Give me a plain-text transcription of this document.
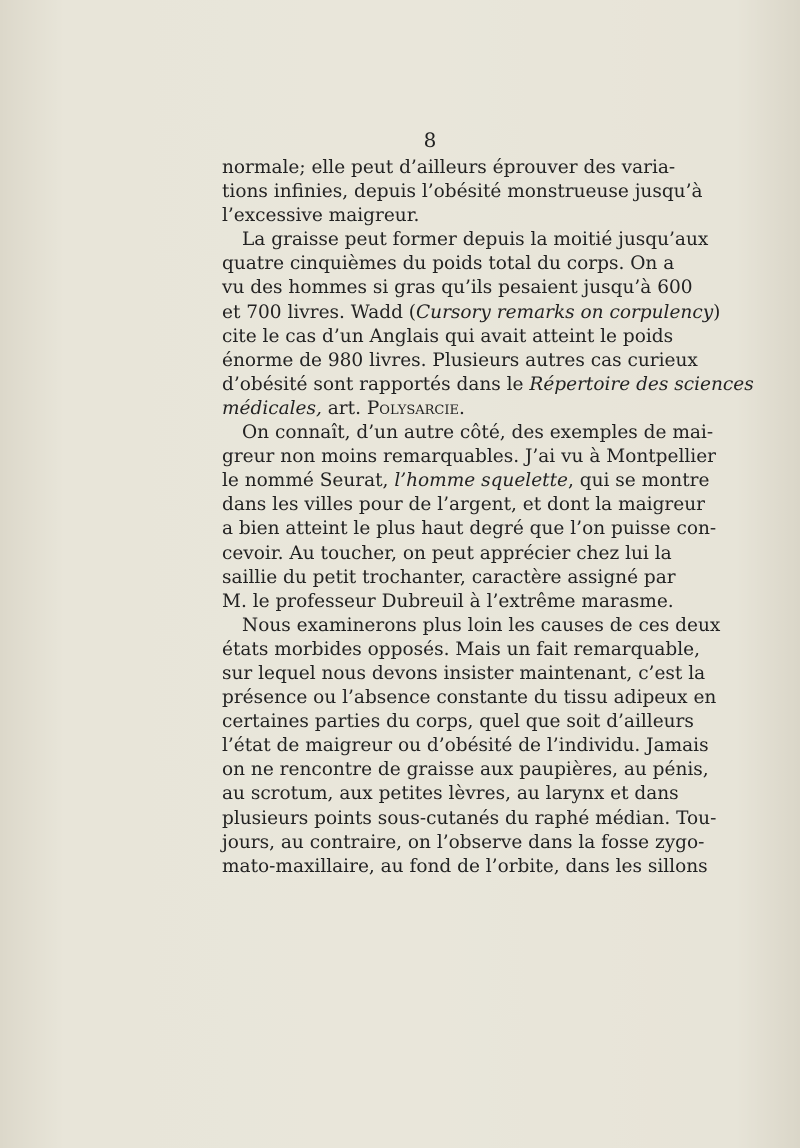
8
normale; elle peut d’ailleurs éprouver des varia-
tions infinies, depuis l’obésité monstrueuse jusqu’à
l’excessive maigreur.
La graisse peut former depuis la moitié jusqu’aux
quatre cinquièmes du poids total du corps. On a
vu des hommes si gras qu’ils pesaient jusqu’à 600
et 700 livres. Wadd (Cursory remarks on corpulency)
cite le cas d’un Anglais qui avait atteint le poids
énorme de 980 livres. Plusieurs autres cas curieux
d’obésité sont rapportés dans le Répertoire des sciences
médicales, art. Polysarcie.
On connaît, d’un autre côté, des exemples de mai-
greur non moins remarquables. J’ai vu à Montpellier
le nommé Seurat, l’homme squelette, qui se montre
dans les villes pour de l’argent, et dont la maigreur
a bien atteint le plus haut degré que l’on puisse con-
cevoir. Au toucher, on peut apprécier chez lui la
saillie du petit trochanter, caractère assigné par
M. le professeur Dubreuil à l’extrême marasme.
Nous examinerons plus loin les causes de ces deux
états morbides opposés. Mais un fait remarquable,
sur lequel nous devons insister maintenant, c’est la
présence ou l’absence constante du tissu adipeux en
certaines parties du corps, quel que soit d’ailleurs
l’état de maigreur ou d’obésité de l’individu. Jamais
on ne rencontre de graisse aux paupières, au pénis,
au scrotum, aux petites lèvres, au larynx et dans
plusieurs points sous-cutanés du raphé médian. Tou-
jours, au contraire, on l’observe dans la fosse zygo-
mato-maxillaire, au fond de l’orbite, dans les sillons
